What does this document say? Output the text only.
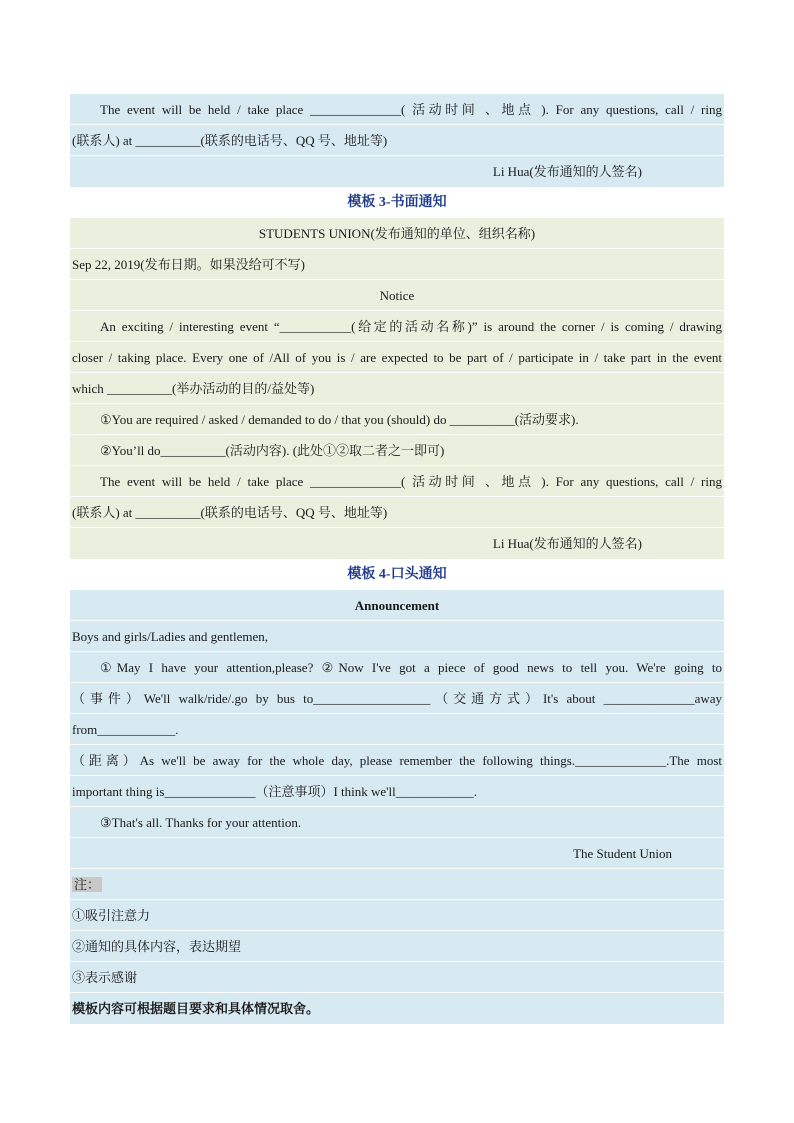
The event will be held / take place ______________( 活动时间 、地点 ). For any questions, call / ring
(联系人) at __________(联系的电话号、QQ 号、地址等)
Li Hua(发布通知的人签名)
模板 3-书面通知
STUDENTS UNION(发布通知的单位、组织名称)
Sep 22, 2019(发布日期。如果没给可不写)
Notice
An exciting / interesting event “___________(给定的活动名称)” is around the corner / is coming / drawing
closer / taking place. Every one of /All of you is / are expected to be part of / participate in / take part in the event
which __________(举办活动的目的/益处等)
①You are required / asked / demanded to do / that you (should) do __________(活动要求).
②You’ll do__________(活动内容). (此处①②取二者之一即可)
The event will be held / take place ______________( 活动时间 、地点 ). For any questions, call / ring
(联系人) at __________(联系的电话号、QQ 号、地址等)
Li Hua(发布通知的人签名)
模板 4-口头通知
Announcement
Boys and girls/Ladies and gentlemen,
①May I have your attention,please? ②Now I've got a piece of good news to tell you. We're going to
（事件）We'll walk/ride/.go by bus to__________________（交通方式）It's about ______________away
from____________.
（距离）As we'll be away for the whole day, please remember the following things.______________.The most
important thing is______________（注意事项）I think we'll____________.
③That's all. Thanks for your attention.
The Student Union
注：
①吸引注意力
②通知的具体内容，表达期望
③表示感谢
模板内容可根据题目要求和具体情况取舍。
